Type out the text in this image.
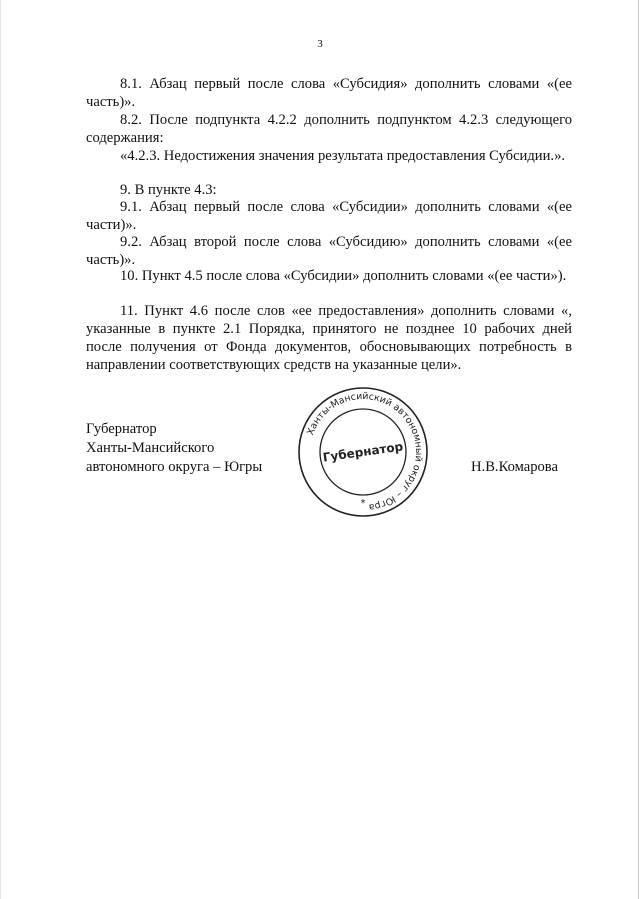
3

8.1. Абзац первый после слова «Субсидия» дополнить словами «(ее часть)».

8.2. После подпункта 4.2.2 дополнить подпунктом 4.2.3 следующего содержания:

«4.2.3. Недостижения значения результата предоставления Субсидии.».

9. В пункте 4.3:

9.1. Абзац первый после слова «Субсидии» дополнить словами «(ее части)».

9.2. Абзац второй после слова «Субсидию» дополнить словами «(ее часть)».

10. Пункт 4.5 после слова «Субсидии» дополнить словами «(ее части»).

11. Пункт 4.6 после слов «ее предоставления» дополнить словами «, указанные в пункте 2.1 Порядка, принятого не позднее 10 рабочих дней после получения от Фонда документов, обосновывающих потребность в направлении соответствующих средств на указанные цели».

Губернатор
Ханты-Мансийского
автономного округа – Югры
Ханты-Мансийский автономный округ – Югра
Губернатор
*
Н.В.Комарова
